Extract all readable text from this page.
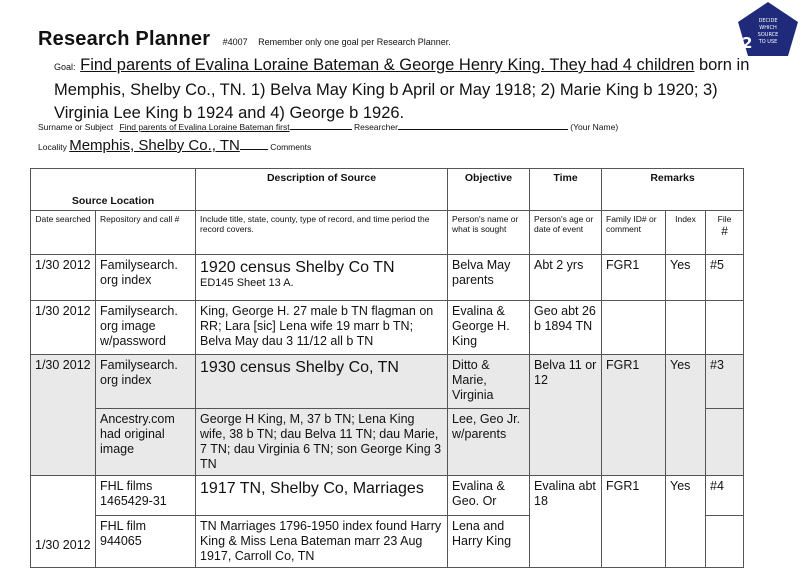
Research Planner #4007 Remember only one goal per Research Planner.
DECIDE
WHICH
SOURCE
TO USE
2
Goal: Find parents of Evalina Loraine Bateman & George Henry King. They had 4 children born in Memphis, Shelby Co., TN. 1) Belva May King b April or May 1918; 2) Marie King b 1920; 3) Virginia Lee King b 1924 and 4) George b 1926.
Surname or Subject Find parents of Evalina Loraine Bateman first	Researcher	(Your Name)
Locality Memphis, Shelby Co., TN	Comments
Source Location		Description of Source	Objective	Time	Remarks		
Date searched	Repository and call #	Include title, state, county, type of record, and time period the record covers.	Person's name or what is sought	Person's age or date of event	Family ID# or comment	Index	File
#

1/30 2012	Familysearch. org index	1920 census Shelby Co TN
ED145 Sheet 13 A.	Belva May parents	Abt 2 yrs	FGR1	Yes	#5
1/30 2012	Familysearch. org image w/password	King, George H. 27 male b TN flagman on RR; Lara [sic] Lena wife 19 marr b TN; Belva May dau 3 11/12 all b TN	Evalina & George H. King	Geo abt 26 b 1894 TN			
1/30 2012	Familysearch. org index	1930 census Shelby Co, TN	Ditto & Marie, Virginia	Belva 11 or 12	FGR1	Yes	#3
	Ancestry.com had original image	George H King, M, 37 b TN; Lena King wife, 38 b TN; dau Belva 11 TN; dau Marie, 7 TN; dau Virginia 6 TN; son George King 3 TN	Lee, Geo Jr. w/parents				
1/30 2012	FHL films 1465429-31	1917 TN, Shelby Co, Marriages	Evalina & Geo. Or	Evalina abt 18	FGR1	Yes	#4
	FHL film 944065	TN Marriages 1796-1950 index found Harry King & Miss Lena Bateman marr 23 Aug 1917, Carroll Co, TN	Lena and Harry King				
